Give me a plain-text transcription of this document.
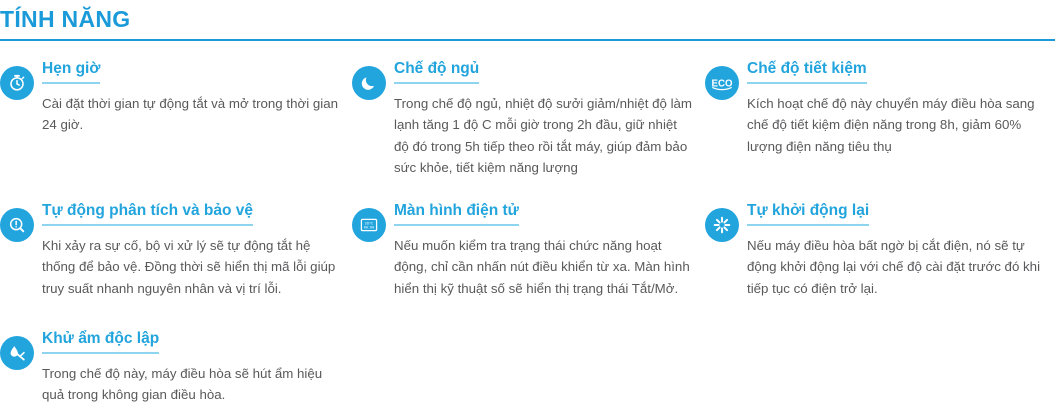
TÍNH NĂNG
Hẹn giờ
Cài đặt thời gian tự động tắt và mở trong thời gian 24 giờ.
Chế độ ngủ
Trong chế độ ngủ, nhiệt độ sưởi giảm/nhiệt độ làm lạnh tăng 1 độ C mỗi giờ trong 2h đầu, giữ nhiệt độ đó trong 5h tiếp theo rồi tắt máy, giúp đảm bảo sức khỏe, tiết kiệm năng lượng
ECO
Chế độ tiết kiệm
Kích hoạt chế độ này chuyển máy điều hòa sang chế độ tiết kiệm điện năng trong 8h, giảm 60% lượng điện năng tiêu thụ
Tự động phân tích và bảo vệ
Khi xảy ra sự cố, bộ vi xử lý sẽ tự động tắt hệ thống để bảo vệ. Đồng thời sẽ hiển thị mã lỗi giúp truy suất nhanh nguyên nhân và vị trí lỗi.
26ºC
00:00
Màn hình điện tử
Nếu muốn kiểm tra trạng thái chức năng hoạt động, chỉ cần nhấn nút điều khiển từ xa. Màn hình hiển thị kỹ thuật số sẽ hiển thị trạng thái Tắt/Mở.
Tự khởi động lại
Nếu máy điều hòa bất ngờ bị cắt điện, nó sẽ tự động khởi động lại với chế độ cài đặt trước đó khi tiếp tục có điện trở lại.
Khử ẩm độc lập
Trong chế độ này, máy điều hòa sẽ hút ẩm hiệu quả trong không gian điều hòa.
